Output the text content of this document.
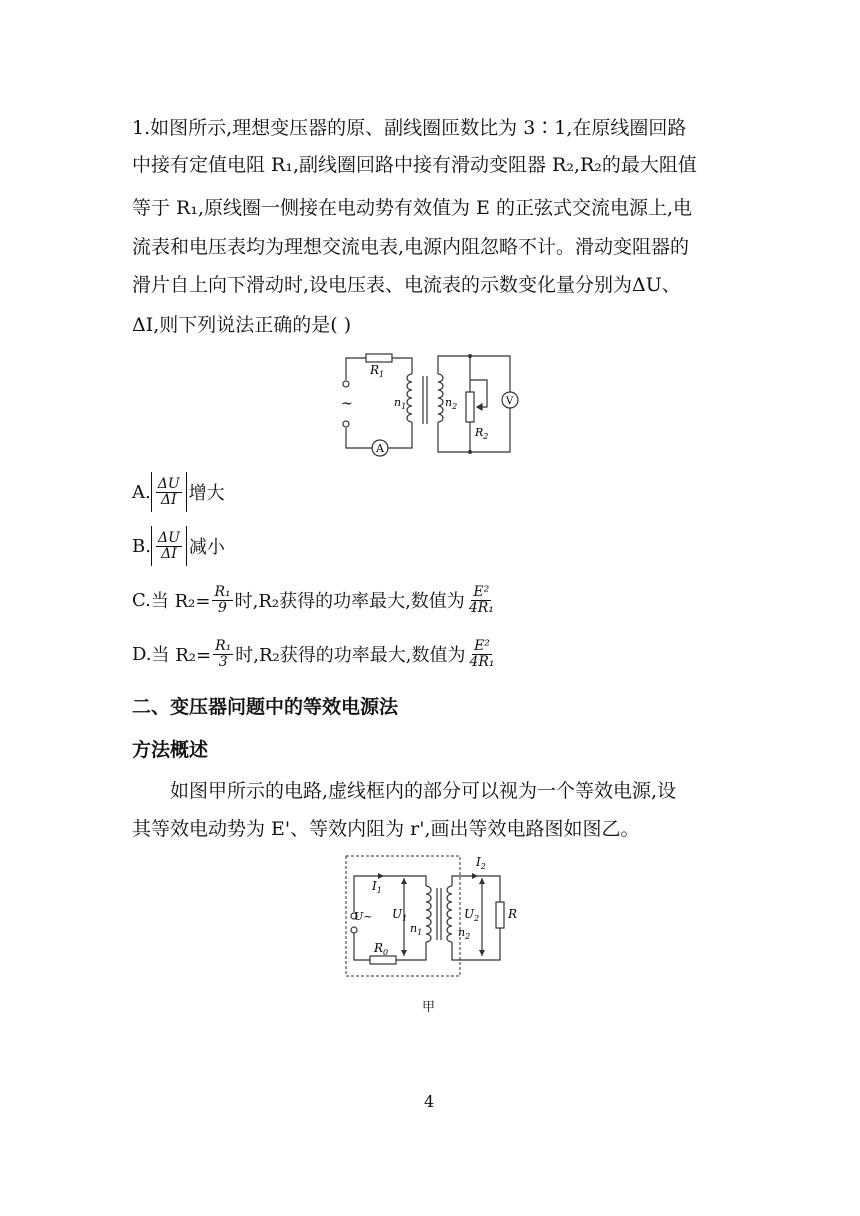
1.如图所示,理想变压器的原、副线圈匝数比为 3∶1,在原线圈回路
中接有定值电阻 R₁,副线圈回路中接有滑动变阻器 R₂,R₂的最大阻值
等于 R₁,原线圈一侧接在电动势有效值为 E 的正弦式交流电源上,电
流表和电压表均为理想交流电表,电源内阻忽略不计。滑动变阻器的
滑片自上向下滑动时,设电压表、电流表的示数变化量分别为ΔU、
ΔI,则下列说法正确的是( )
$R_1$
~	$n_1$	$n_2$
$R_2$
A
V
A. $\frac{\Delta U}{\Delta I}$ 增大
B. $\frac{\Delta U}{\Delta I}$ 减小
C. 当 $R_2= \frac{\text{R₁}}{9}$ 时,R₂获得的功率最大,数值为 $\frac{\text{E²}}{\text{4R₁}}$
D. 当 $R_2= \frac{\text{R₁}}{3}$ 时,R₂获得的功率最大,数值为 $\frac{\text{E²}}{\text{4R₁}}$
二、变压器问题中的等效电源法
方法概述
如图甲所示的电路,虚线框内的部分可以视为一个等效电源,设
其等效电动势为 E'、等效内阻为 r',画出等效电路图如图乙。
$I_1$
U~ $U_1$
$n_1$
$R_0$
$I_2$
$U_2$
$n_2$
R
甲
4
